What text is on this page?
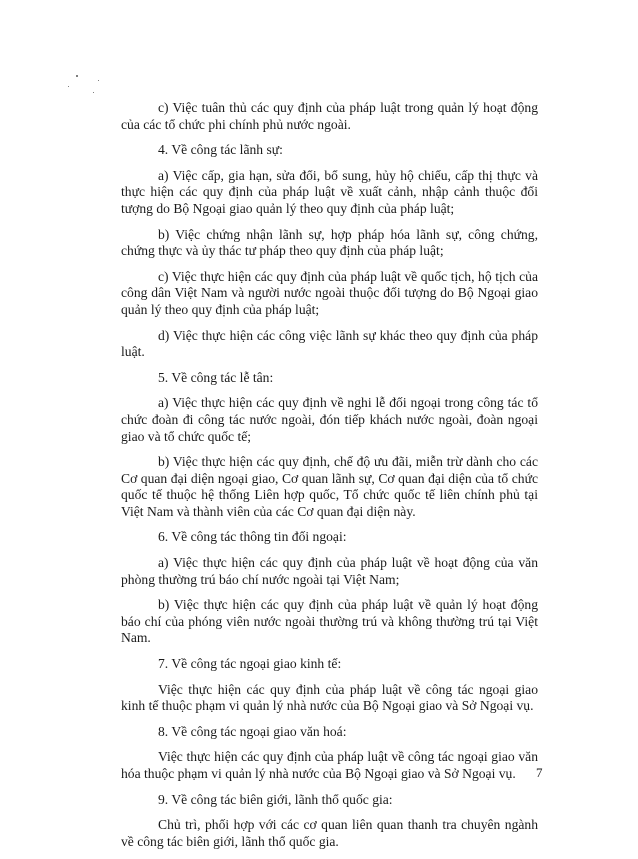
c) Việc tuân thủ các quy định của pháp luật trong quản lý hoạt động của các tổ chức phi chính phủ nước ngoài.

4. Về công tác lãnh sự:

a) Việc cấp, gia hạn, sửa đổi, bổ sung, hủy hộ chiếu, cấp thị thực và thực hiện các quy định của pháp luật về xuất cảnh, nhập cảnh thuộc đối tượng do Bộ Ngoại giao quản lý theo quy định của pháp luật;

b) Việc chứng nhận lãnh sự, hợp pháp hóa lãnh sự, công chứng, chứng thực và ủy thác tư pháp theo quy định của pháp luật;

c) Việc thực hiện các quy định của pháp luật về quốc tịch, hộ tịch của công dân Việt Nam và người nước ngoài thuộc đối tượng do Bộ Ngoại giao quản lý theo quy định của pháp luật;

d) Việc thực hiện các công việc lãnh sự khác theo quy định của pháp luật.

5. Về công tác lễ tân:

a) Việc thực hiện các quy định về nghi lễ đối ngoại trong công tác tổ chức đoàn đi công tác nước ngoài, đón tiếp khách nước ngoài, đoàn ngoại giao và tổ chức quốc tế;

b) Việc thực hiện các quy định, chế độ ưu đãi, miễn trừ dành cho các Cơ quan đại diện ngoại giao, Cơ quan lãnh sự, Cơ quan đại diện của tổ chức quốc tế thuộc hệ thống Liên hợp quốc, Tổ chức quốc tế liên chính phủ tại Việt Nam và thành viên của các Cơ quan đại diện này.

6. Về công tác thông tin đối ngoại:

a) Việc thực hiện các quy định của pháp luật về hoạt động của văn phòng thường trú báo chí nước ngoài tại Việt Nam;

b) Việc thực hiện các quy định của pháp luật về quản lý hoạt động báo chí của phóng viên nước ngoài thường trú và không thường trú tại Việt Nam.

7. Về công tác ngoại giao kinh tế:

Việc thực hiện các quy định của pháp luật về công tác ngoại giao kinh tế thuộc phạm vi quản lý nhà nước của Bộ Ngoại giao và Sở Ngoại vụ.

8. Về công tác ngoại giao văn hoá:

Việc thực hiện các quy định của pháp luật về công tác ngoại giao văn hóa thuộc phạm vi quản lý nhà nước của Bộ Ngoại giao và Sở Ngoại vụ.

9. Về công tác biên giới, lãnh thổ quốc gia:

Chủ trì, phối hợp với các cơ quan liên quan thanh tra chuyên ngành về công tác biên giới, lãnh thổ quốc gia.

7
